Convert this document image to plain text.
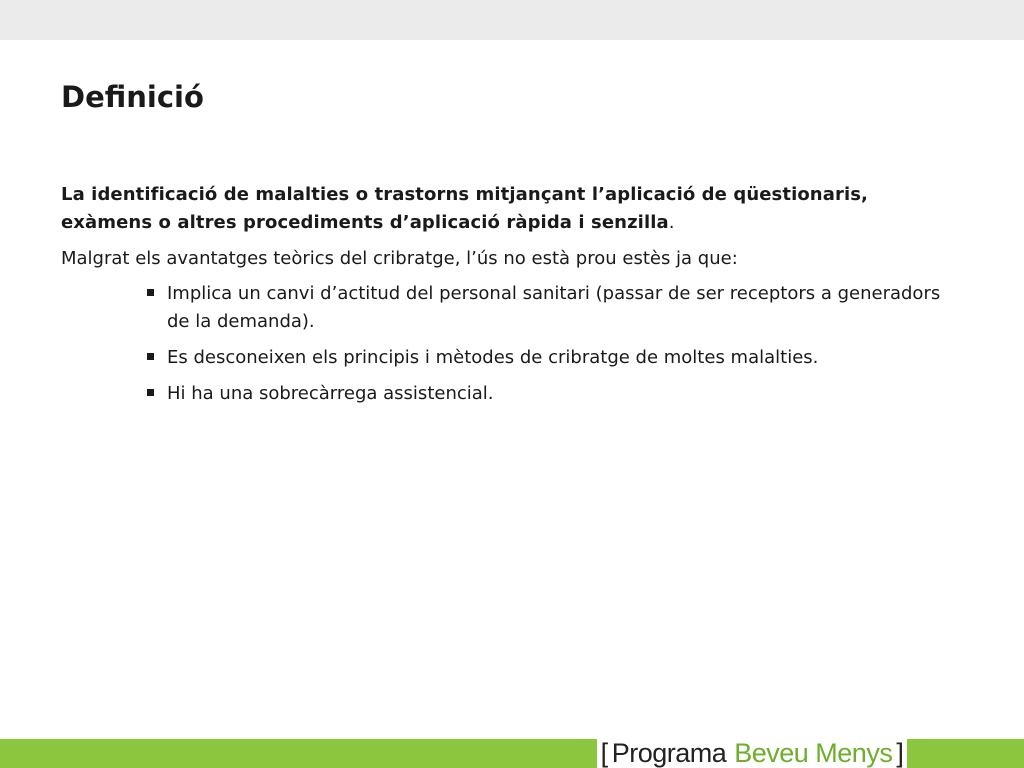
Definició

La identificació de malalties o trastorns mitjançant l’aplicació de qüestionaris, exàmens o altres procediments d’aplicació ràpida i senzilla.

Malgrat els avantatges teòrics del cribratge, l’ús no està prou estès ja que:

Implica un canvi d’actitud del personal sanitari (passar de ser receptors a generadors de la demanda).
Es desconeixen els principis i mètodes de cribratge de moltes malalties.
Hi ha una sobrecàrrega assistencial.
[ Programa Beveu Menys ]
